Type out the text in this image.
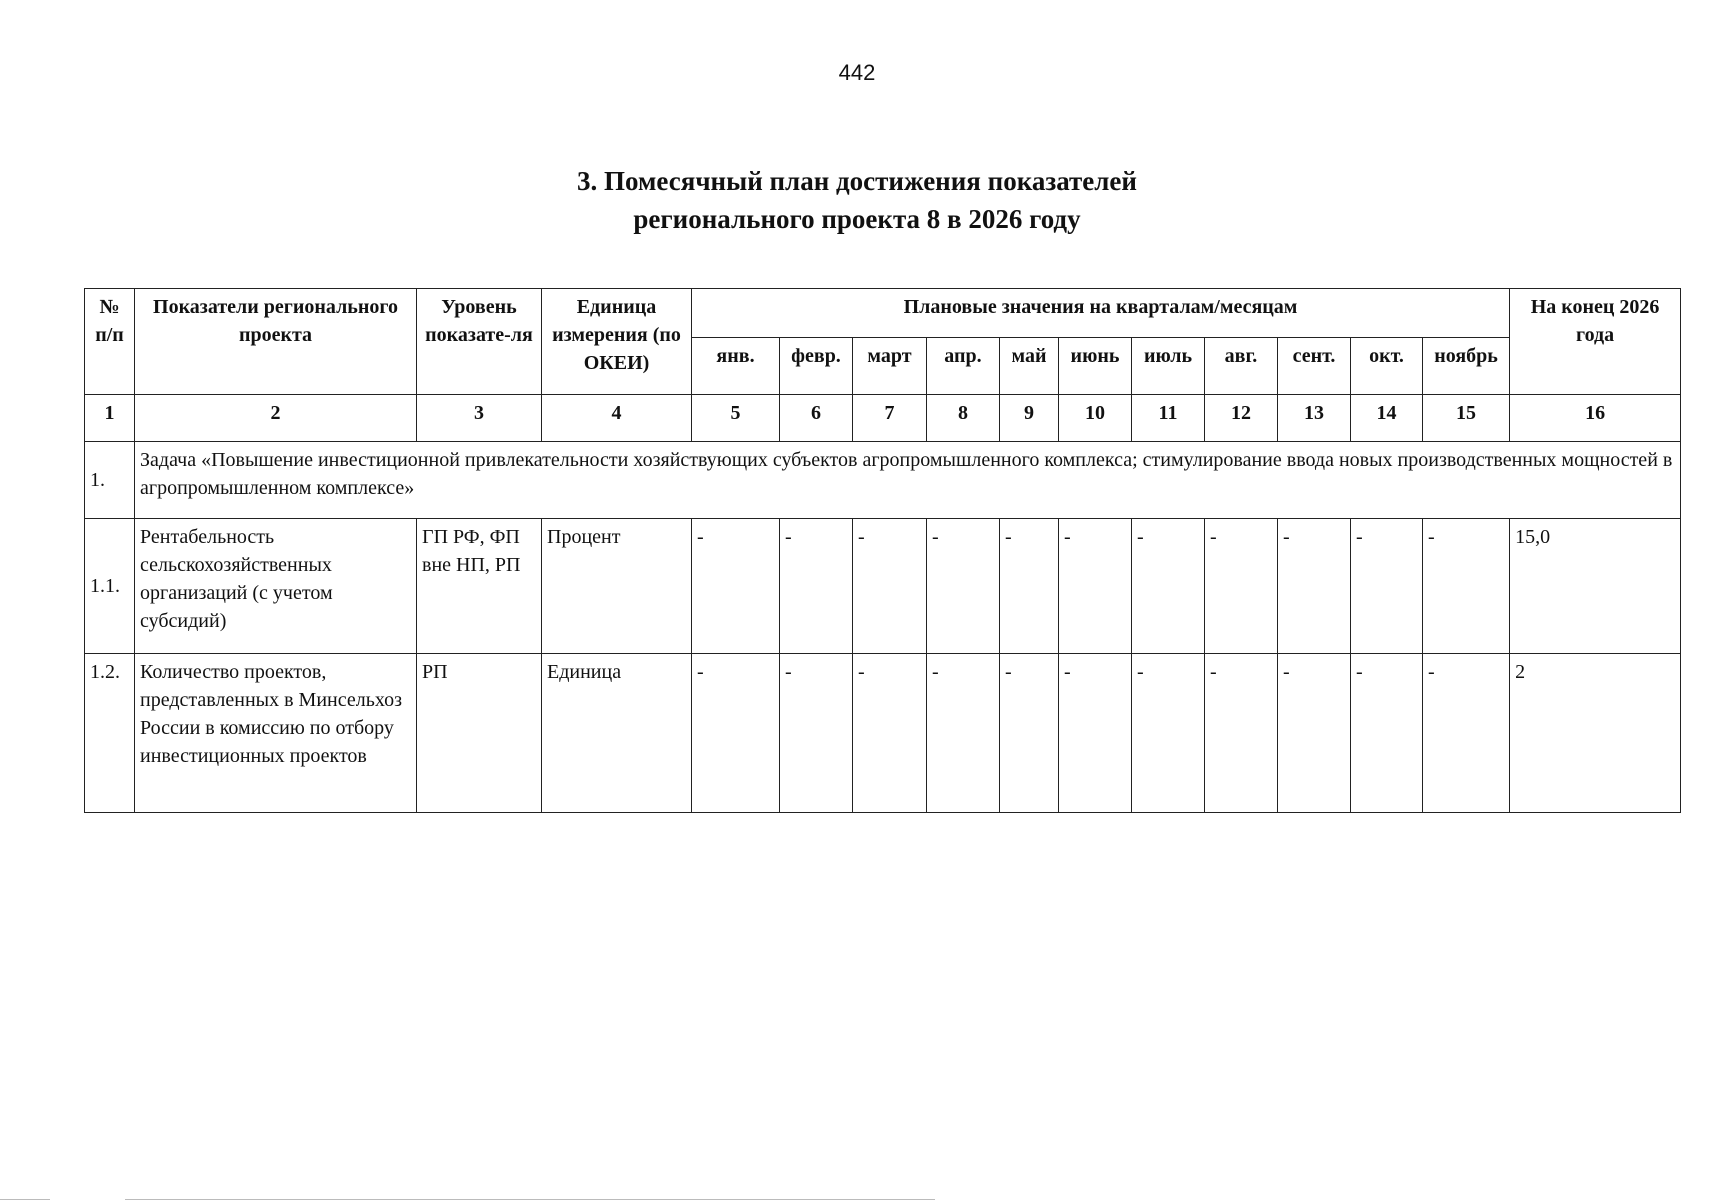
442
3. Помесячный план достижения показателей
регионального проекта 8 в 2026 году
№ п/п	Показатели регионального проекта	Уровень показате-ля	Единица измерения (по ОКЕИ)	Плановые значения на кварталам/месяцам											На конец 2026 года
				янв.	февр.	март	апр.	май	июнь	июль	авг.	сент.	окт.	ноябрь	
1	2	3	4	5	6	7	8	9	10	11	12	13	14	15	16
1.	Задача «Повышение инвестиционной привлекательности хозяйствующих субъектов агропромышленного комплекса; стимулирование ввода новых производственных мощностей в агропромышленном комплексе»														
1.1.	Рентабельность сельскохозяйственных организаций (с учетом субсидий)	ГП РФ, ФП вне НП, РП	Процент	-	-	-	-	-	-	-	-	-	-	-	15,0
1.2.	Количество проектов, представленных в Минсельхоз России в комиссию по отбору инвестиционных проектов	РП	Единица	-	-	-	-	-	-	-	-	-	-	-	2
